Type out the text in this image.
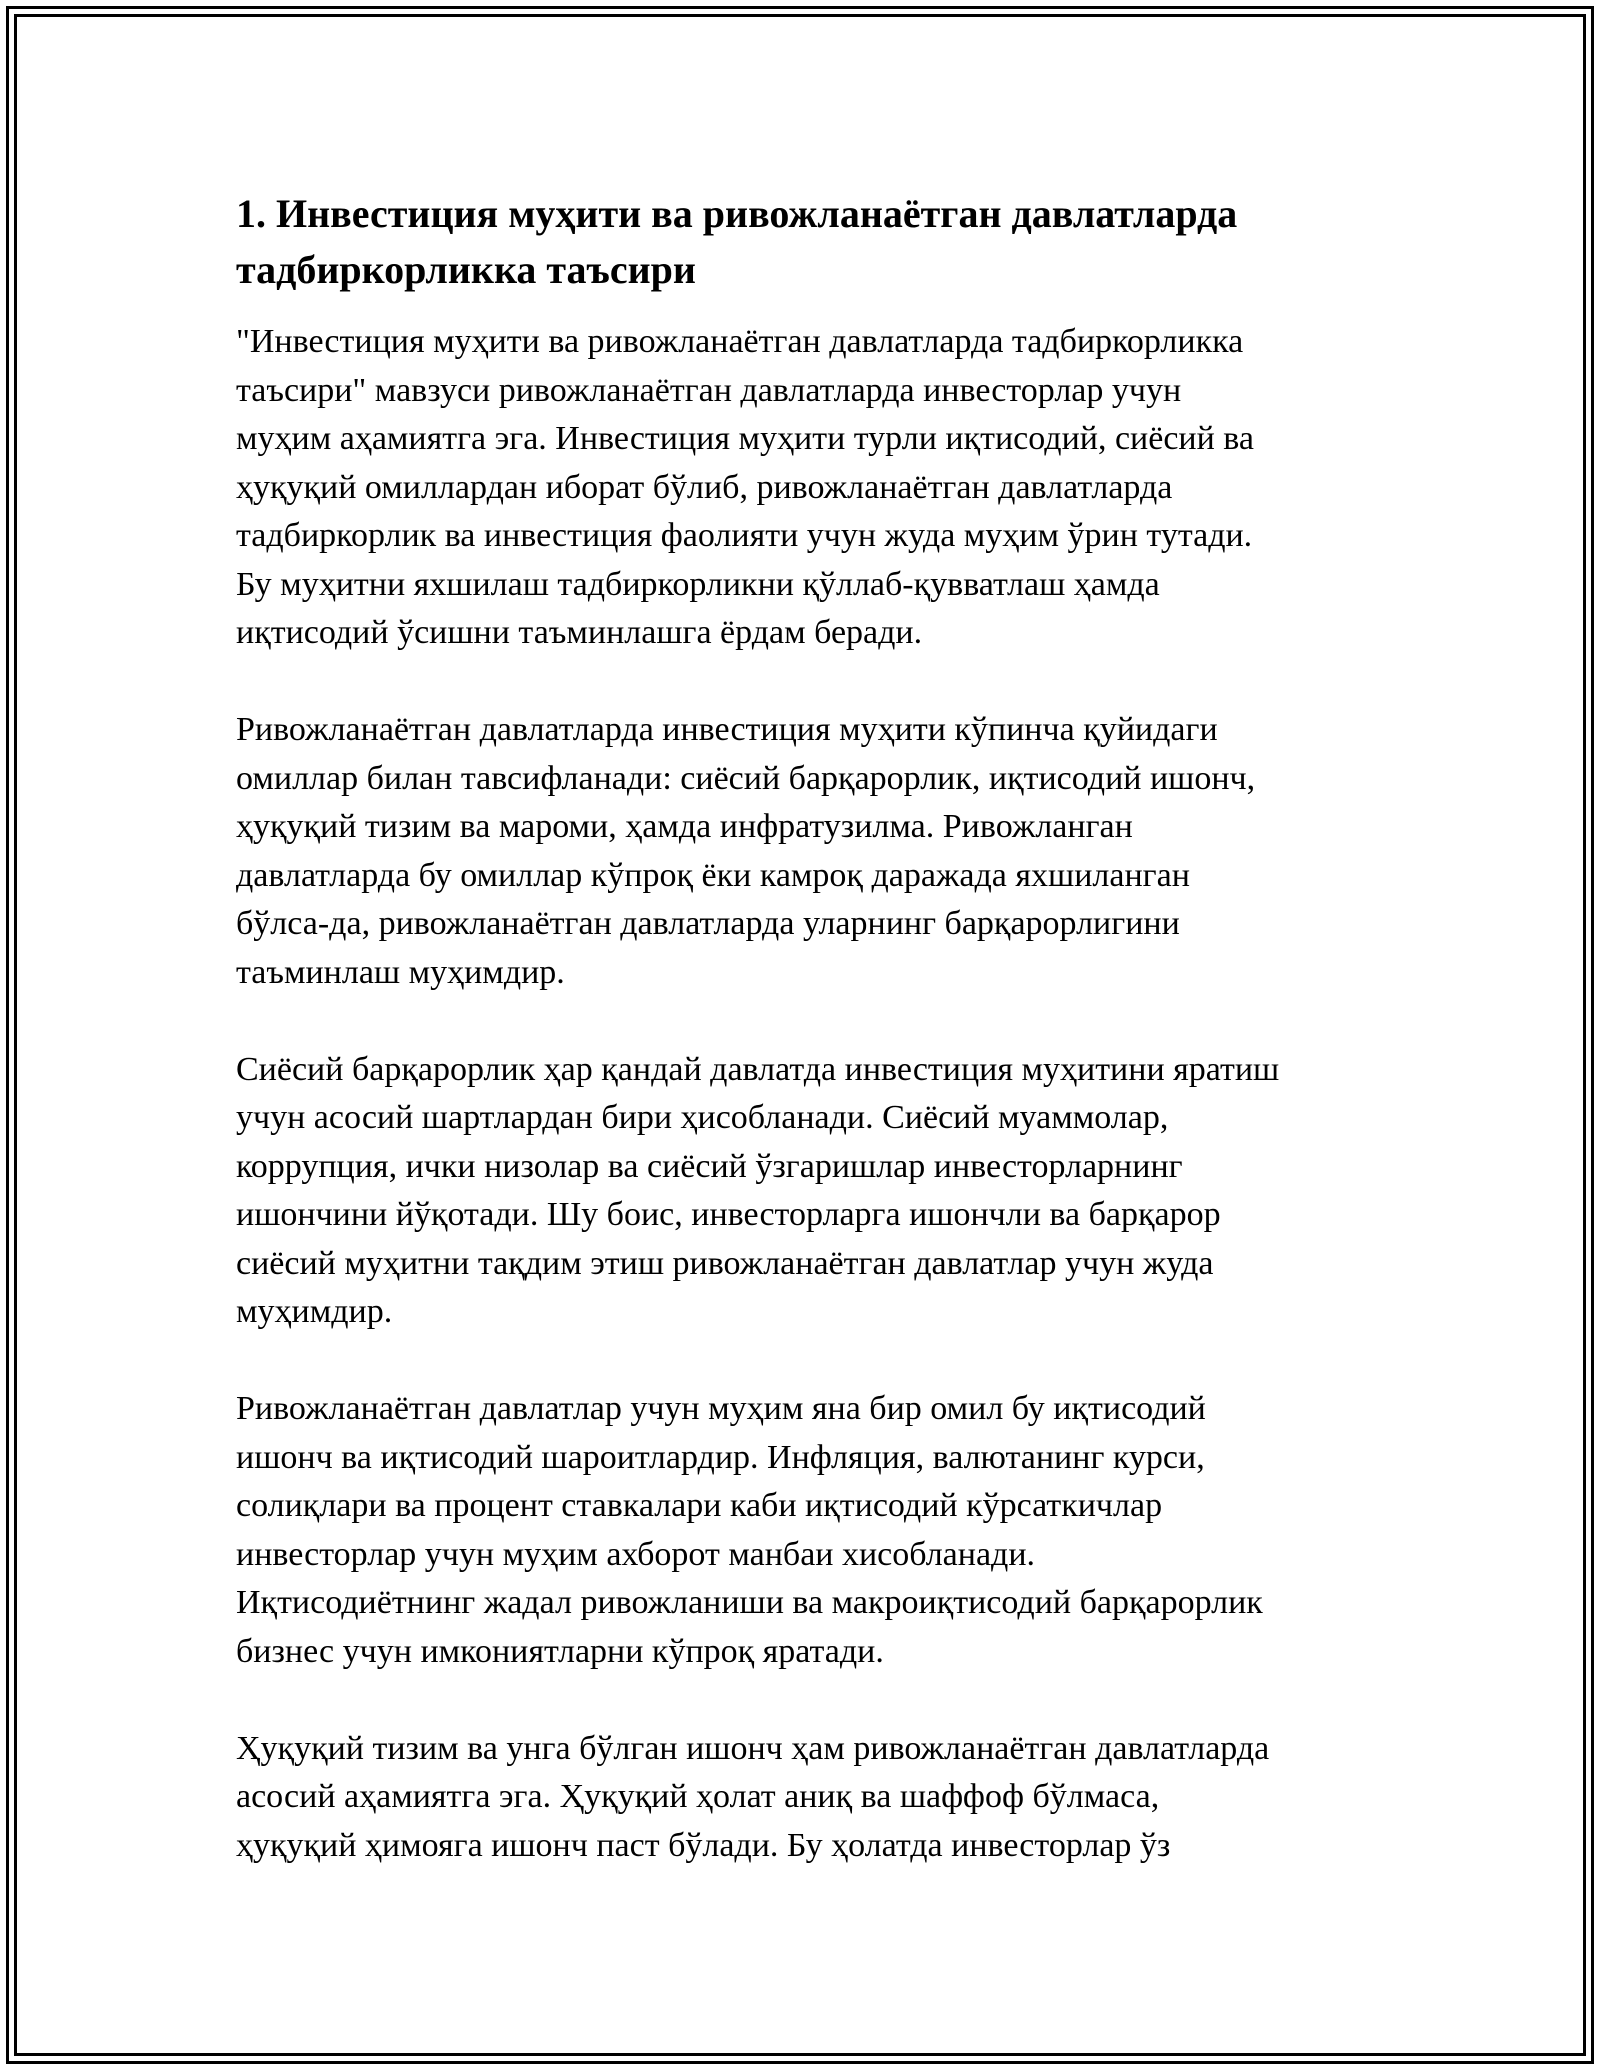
1. Инвестиция муҳити ва ривожланаётган давлатларда
тадбиркорликка таъсири

"Инвестиция муҳити ва ривожланаётган давлатларда тадбиркорликка
таъсири" мавзуси ривожланаётган давлатларда инвесторлар учун
муҳим аҳамиятга эга. Инвестиция муҳити турли иқтисодий, сиёсий ва
ҳуқуқий омиллардан иборат бўлиб, ривожланаётган давлатларда
тадбиркорлик ва инвестиция фаолияти учун жуда муҳим ўрин тутади.
Бу муҳитни яхшилаш тадбиркорликни қўллаб-қувватлаш ҳамда
иқтисодий ўсишни таъминлашга ёрдам беради.

Ривожланаётган давлатларда инвестиция муҳити кўпинча қуйидаги
омиллар билан тавсифланади: сиёсий барқарорлик, иқтисодий ишонч,
ҳуқуқий тизим ва мароми, ҳамда инфратузилма. Ривожланган
давлатларда бу омиллар кўпроқ ёки камроқ даражада яхшиланган
бўлса-да, ривожланаётган давлатларда уларнинг барқарорлигини
таъминлаш муҳимдир.

Сиёсий барқарорлик ҳар қандай давлатда инвестиция муҳитини яратиш
учун асосий шартлардан бири ҳисобланади. Сиёсий муаммолар,
коррупция, ички низолар ва сиёсий ўзгаришлар инвесторларнинг
ишончини йўқотади. Шу боис, инвесторларга ишончли ва барқарор
сиёсий муҳитни тақдим этиш ривожланаётган давлатлар учун жуда
муҳимдир.

Ривожланаётган давлатлар учун муҳим яна бир омил бу иқтисодий
ишонч ва иқтисодий шароитлардир. Инфляция, валютанинг курси,
солиқлари ва процент ставкалари каби иқтисодий кўрсаткичлар
инвесторлар учун муҳим ахборот манбаи хисобланади.
Иқтисодиётнинг жадал ривожланиши ва макроиқтисодий барқарорлик
бизнес учун имкониятларни кўпроқ яратади.

Ҳуқуқий тизим ва унга бўлган ишонч ҳам ривожланаётган давлатларда
асосий аҳамиятга эга. Ҳуқуқий ҳолат аниқ ва шаффоф бўлмаса,
ҳуқуқий ҳимояга ишонч паст бўлади. Бу ҳолатда инвесторлар ўз
